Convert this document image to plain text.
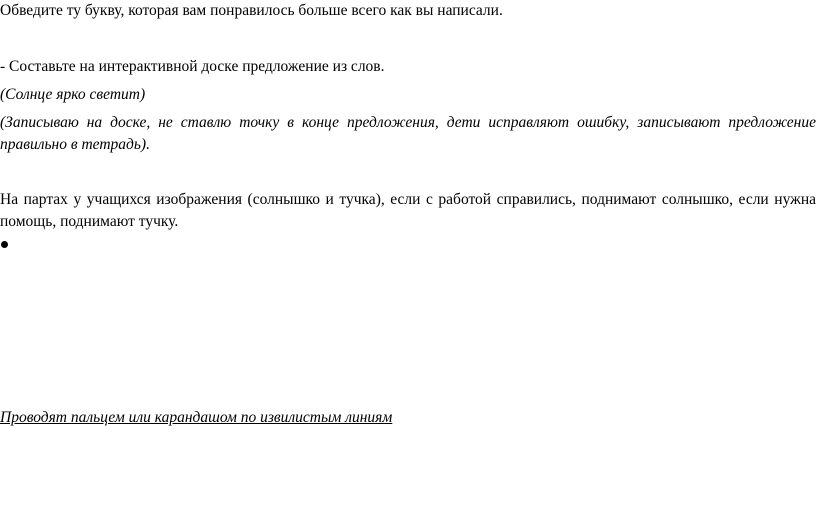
Обведите ту букву, которая вам понравилось больше всего как вы написали.
- Составьте на интерактивной доске предложение из слов.
(Солнце ярко светит)
(Записываю на доске, не ставлю точку в конце предложения, дети исправляют ошибку, записывают предложение
правильно в тетрадь).
На партах у учащихся изображения (солнышко и тучка), если с работой справились, поднимают солнышко, если нужна
помощь, поднимают тучку.
Проводят пальцем или карандашом по извилистым линиям
